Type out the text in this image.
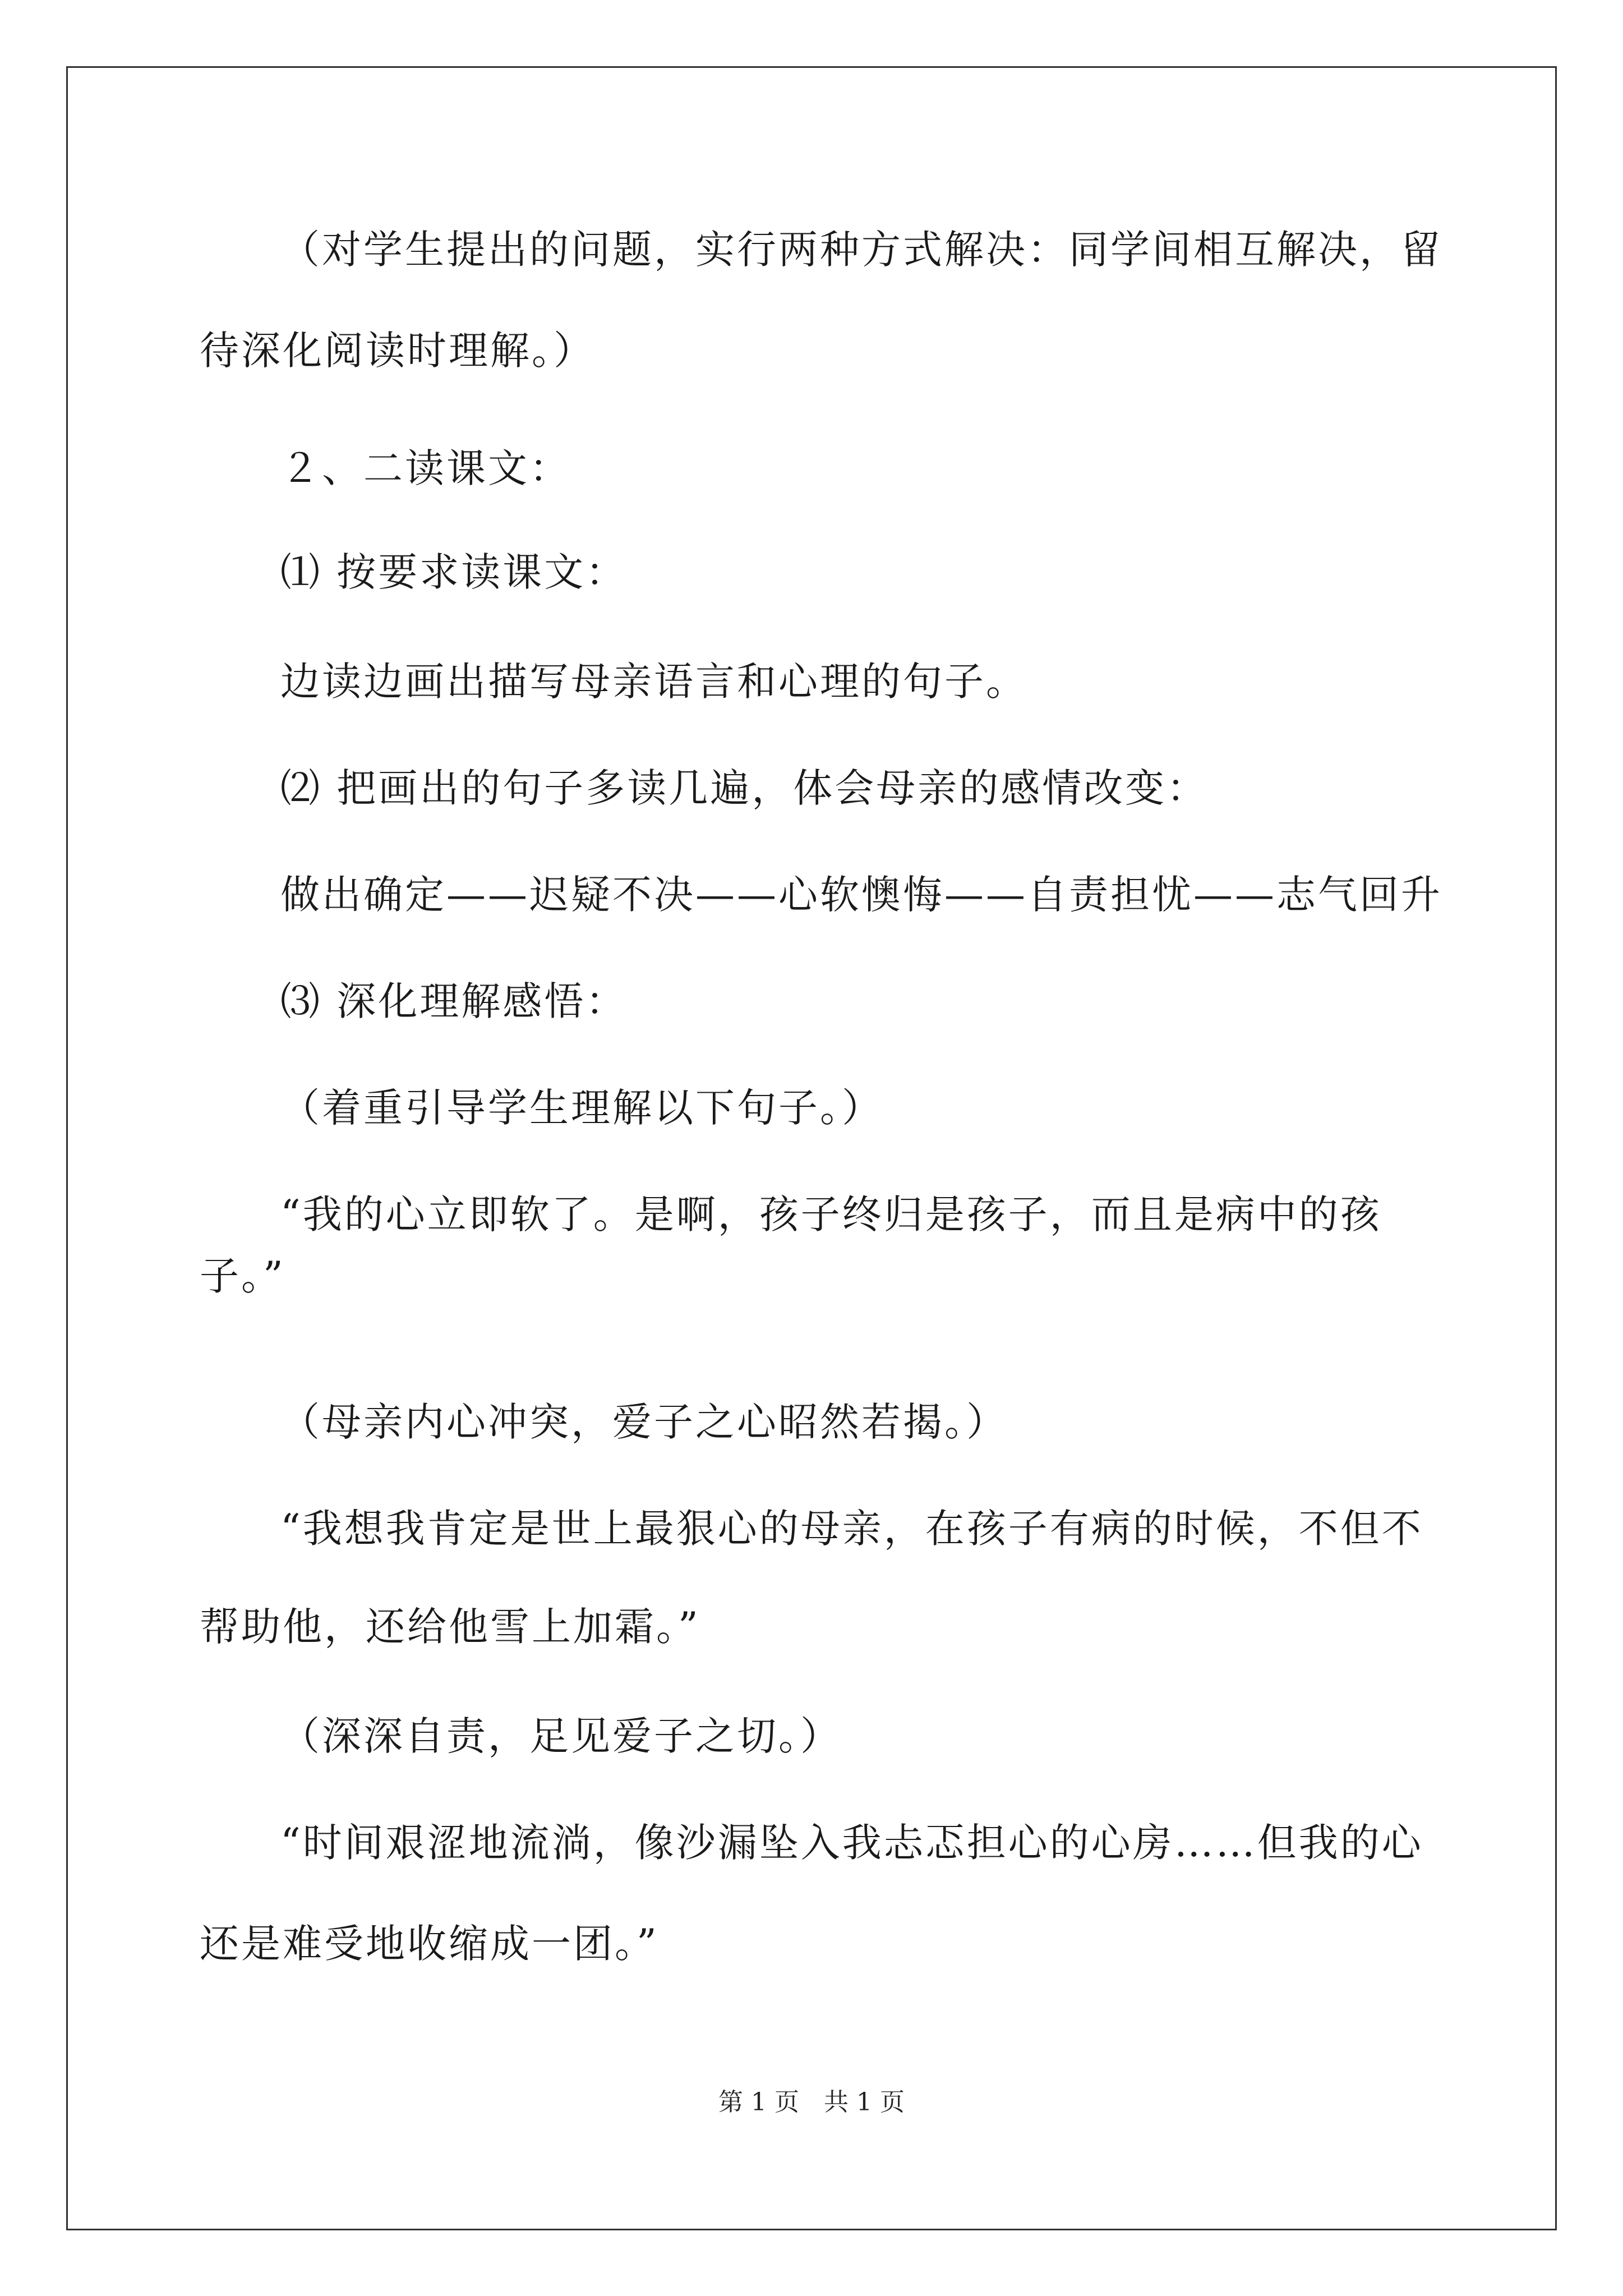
（对学生提出的问题，实行两种方式解决：同学间相互解决，留
待深化阅读时理解。）
２、二读课文：
⑴ 按要求读课文：
边读边画出描写母亲语言和心理的句子。
⑵ 把画出的句子多读几遍，体会母亲的感情改变：
做出确定——迟疑不决——心软懊悔——自责担忧——志气回升
⑶ 深化理解感悟：
（着重引导学生理解以下句子。）
“我的心立即软了。是啊，孩子终归是孩子，而且是病中的孩
子。”
（母亲内心冲突，爱子之心昭然若揭。）
“我想我肯定是世上最狠心的母亲，在孩子有病的时候，不但不
帮助他，还给他雪上加霜。”
（深深自责，足见爱子之切。）
“时间艰涩地流淌，像沙漏坠入我忐忑担心的心房……但我的心
还是难受地收缩成一团。”
第 1 页　共 1 页
